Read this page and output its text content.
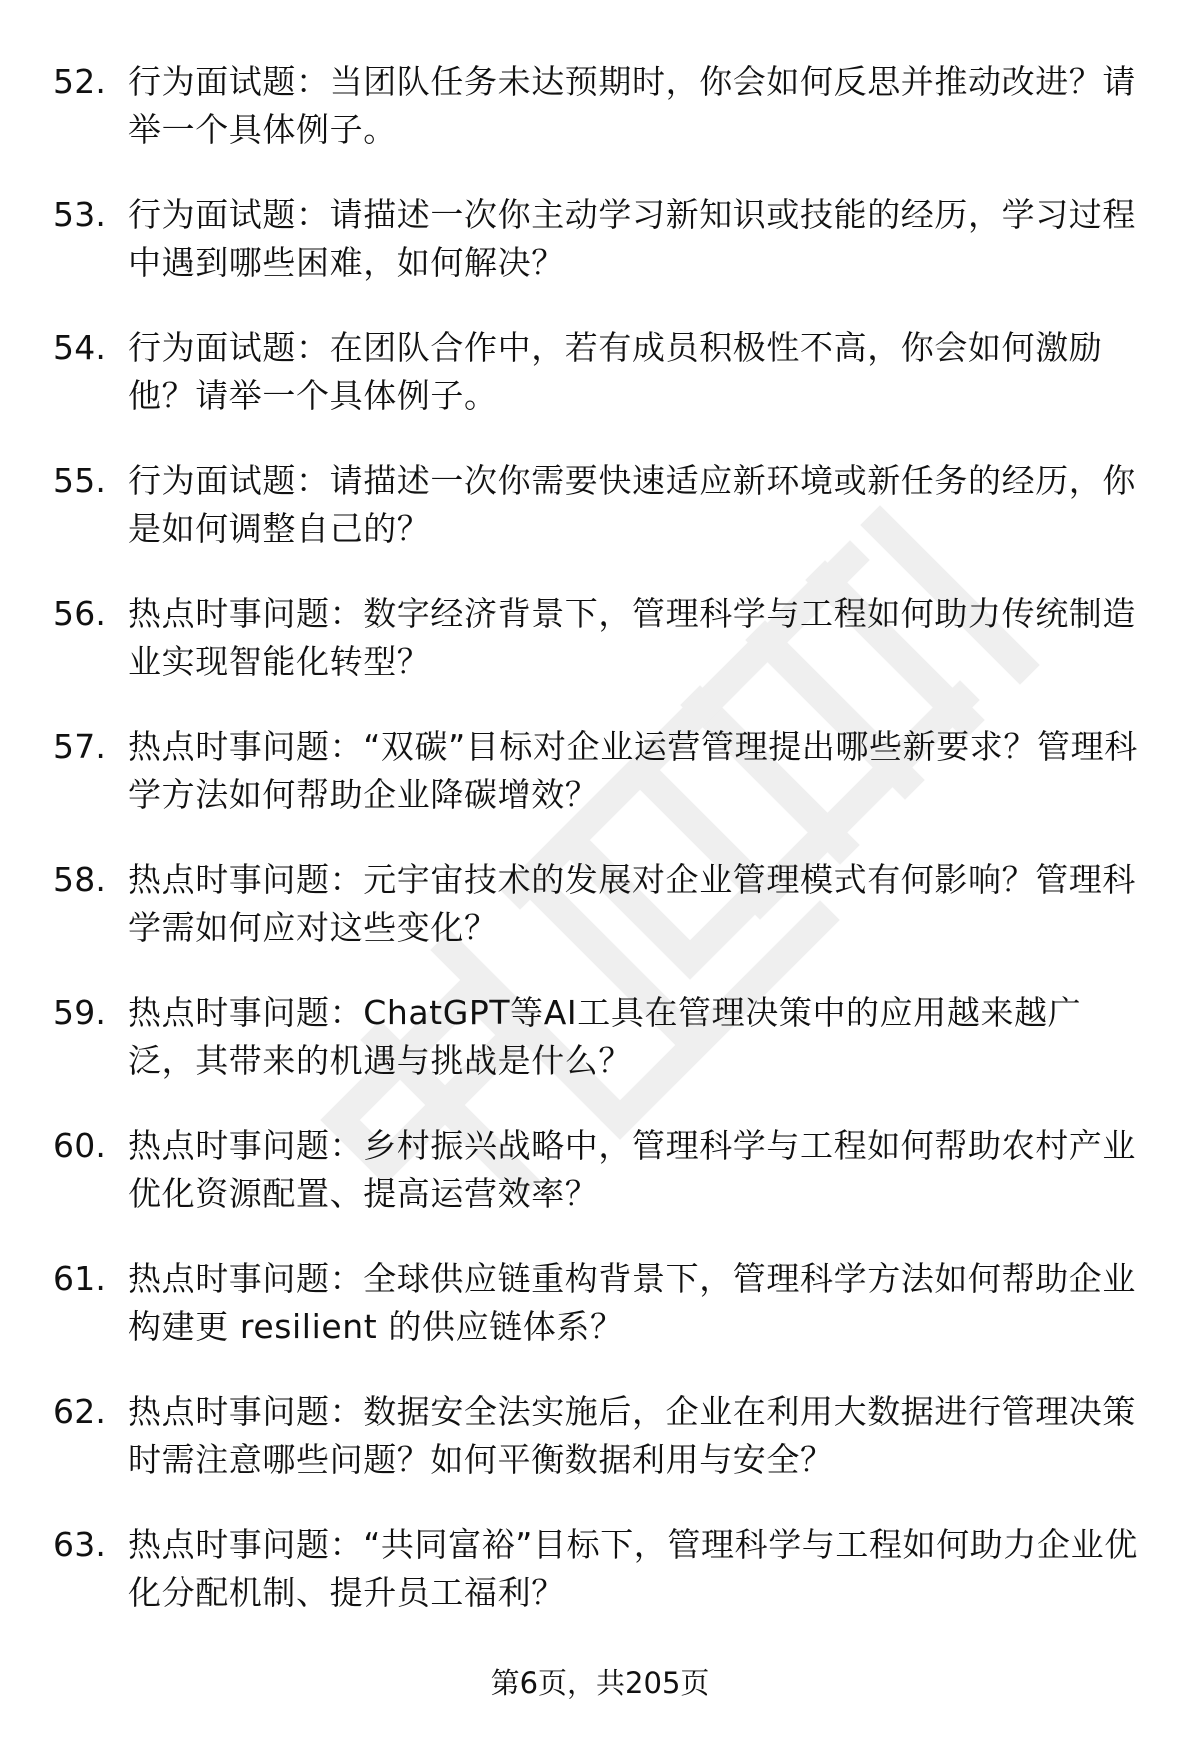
52. 行为面试题：当团队任务未达预期时，你会如何反思并推动改进？请举一个具体例子。
53. 行为面试题：请描述一次你主动学习新知识或技能的经历，学习过程中遇到哪些困难，如何解决？
54. 行为面试题：在团队合作中，若有成员积极性不高，你会如何激励他？请举一个具体例子。
55. 行为面试题：请描述一次你需要快速适应新环境或新任务的经历，你是如何调整自己的？
56. 热点时事问题：数字经济背景下，管理科学与工程如何助力传统制造业实现智能化转型？
57. 热点时事问题：“双碳”目标对企业运营管理提出哪些新要求？管理科学方法如何帮助企业降碳增效？
58. 热点时事问题：元宇宙技术的发展对企业管理模式有何影响？管理科学需如何应对这些变化？
59. 热点时事问题：ChatGPT等AI工具在管理决策中的应用越来越广泛，其带来的机遇与挑战是什么？
60. 热点时事问题：乡村振兴战略中，管理科学与工程如何帮助农村产业优化资源配置、提高运营效率？
61. 热点时事问题：全球供应链重构背景下，管理科学方法如何帮助企业构建更 resilient 的供应链体系？
62. 热点时事问题：数据安全法实施后，企业在利用大数据进行管理决策时需注意哪些问题？如何平衡数据利用与安全？
63. 热点时事问题：“共同富裕”目标下，管理科学与工程如何助力企业优化分配机制、提升员工福利？
第6页，共205页
